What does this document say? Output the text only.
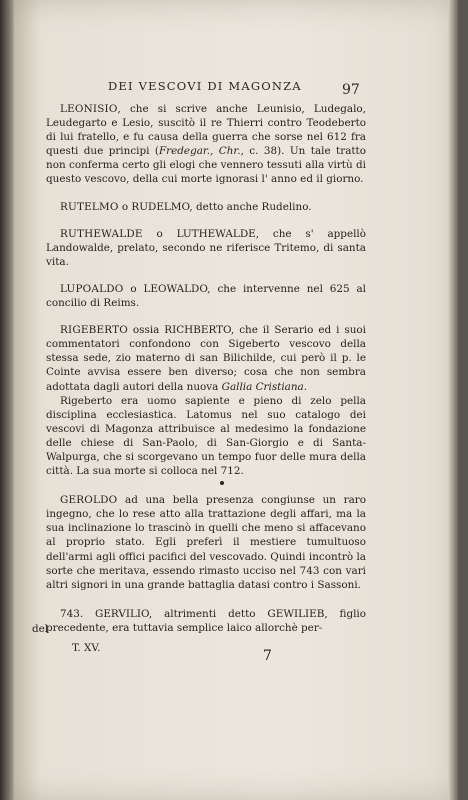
DEI VESCOVI DI MAGONZA	97

LEONISIO, che si scrive anche Leunisio, Ludegalo, Leudegarto e Lesio, suscitò il re Thierri contro Teodeberto di lui fratello, e fu causa della guerra che sorse nel 612 fra questi due principi (Fredegar., Chr., c. 38). Un tale tratto non conferma certo gli elogi che vennero tessuti alla virtù di questo vescovo, della cui morte ignorasi l' anno ed il giorno.

RUTELMO o RUDELMO, detto anche Rudelino.

RUTHEWALDE o LUTHEWALDE, che s' appellò Landowalde, prelato, secondo ne riferisce Tritemo, di santa vita.

LUPOALDO o LEOWALDO, che intervenne nel 625 al concilio di Reims.

RIGEBERTO ossia RICHBERTO, che il Serario ed i suoi commentatori confondono con Sigeberto vescovo della stessa sede, zio materno di san Bilichilde, cui però il p. le Cointe avvisa essere ben diverso; cosa che non sembra adottata dagli autori della nuova Gallia Cristiana.

Rigeberto era uomo sapiente e pieno di zelo pella disciplina ecclesiastica. Latomus nel suo catalogo dei vescovi di Magonza attribuisce al medesimo la fondazione delle chiese di San-Paolo, di San-Giorgio e di Santa-Walpurga, che si scorgevano un tempo fuor delle mura della città. La sua morte si colloca nel 712.

GEROLDO ad una bella presenza congiunse un raro ingegno, che lo rese atto alla trattazione degli affari, ma la sua inclinazione lo trascinò in quelli che meno si affacevano al proprio stato. Egli preferì il mestiere tumultuoso dell'armi agli offici pacifici del vescovado. Quindi incontrò la sorte che meritava, essendo rimasto ucciso nel 743 con vari altri signori in una grande battaglia datasi contro i Sassoni.

743. GERVILIO, altrimenti detto GEWILIEB, figlio precedente, era tuttavia semplice laico allorchè per-

del
T. XV.	7
